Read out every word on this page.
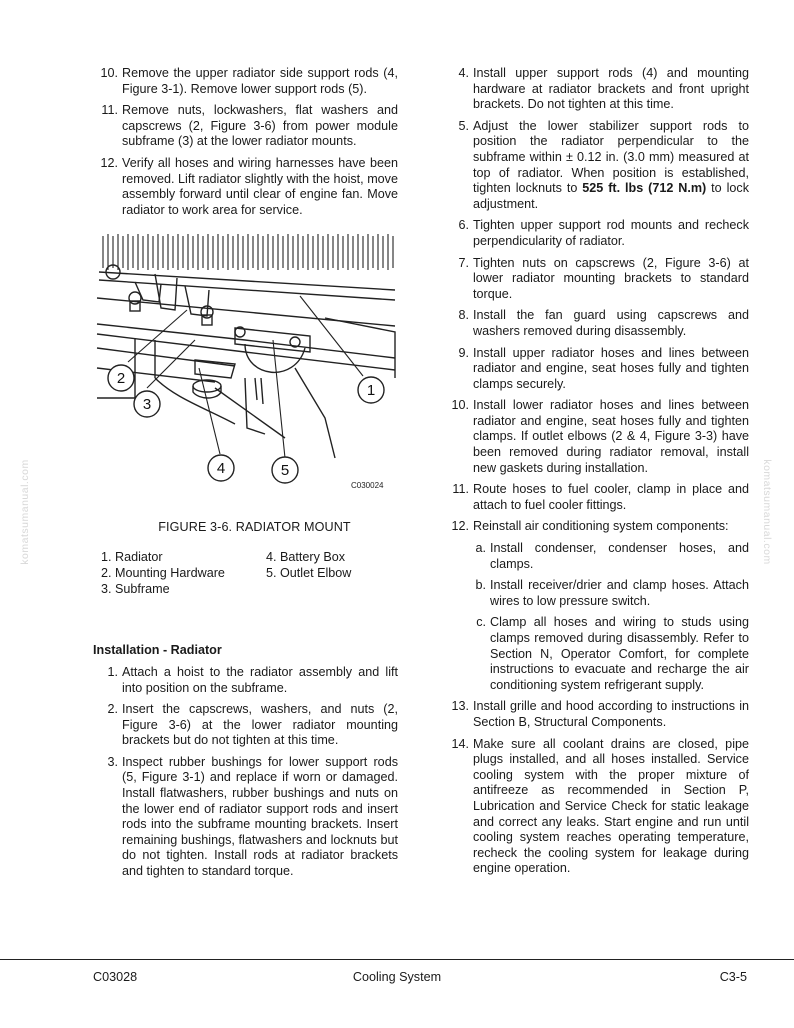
komatsumanual.com	komatsumanual.com
10. Remove the upper radiator side support rods (4, Figure 3-1). Remove lower support rods (5).
11. Remove nuts, lockwashers, flat washers and capscrews (2, Figure 3-6) from power module subframe (3) at the lower radiator mounts.
12. Verify all hoses and wiring harnesses have been removed. Lift radiator slightly with the hoist, move assembly forward until clear of engine fan. Move radiator to work area for service.
1
2
3
4	5
C030024
FIGURE 3-6. RADIATOR MOUNT
1. Radiator	4. Battery Box
2. Mounting Hardware	5. Outlet Elbow
3. Subframe
Installation - Radiator
1. Attach a hoist to the radiator assembly and lift into position on the subframe.
2. Insert the capscrews, washers, and nuts (2, Figure 3-6) at the lower radiator mounting brackets but do not tighten at this time.
3. Inspect rubber bushings for lower support rods (5, Figure 3-1) and replace if worn or damaged. Install flatwashers, rubber bushings and nuts on the lower end of radiator support rods and insert rods into the subframe mounting brackets. Insert remaining bushings, flatwashers and locknuts but do not tighten. Install rods at radiator brackets and tighten to standard torque.
4. Install upper support rods (4) and mounting hardware at radiator brackets and front upright brackets. Do not tighten at this time.
5. Adjust the lower stabilizer support rods to position the radiator perpendicular to the subframe within ± 0.12 in. (3.0 mm) measured at top of radiator. When position is established, tighten locknuts to 525 ft. lbs (712 N.m) to lock adjustment.
6. Tighten upper support rod mounts and recheck perpendicularity of radiator.
7. Tighten nuts on capscrews (2, Figure 3-6) at lower radiator mounting brackets to standard torque.
8. Install the fan guard using capscrews and washers removed during disassembly.
9. Install upper radiator hoses and lines between radiator and engine, seat hoses fully and tighten clamps securely.
10. Install lower radiator hoses and lines between radiator and engine, seat hoses fully and tighten clamps. If outlet elbows (2 & 4, Figure 3-3) have been removed during radiator removal, install new gaskets during installation.
11. Route hoses to fuel cooler, clamp in place and attach to fuel cooler fittings.
12. Reinstall air conditioning system components:
a. Install condenser, condenser hoses, and clamps.
b. Install receiver/drier and clamp hoses. Attach wires to low pressure switch.
c. Clamp all hoses and wiring to studs using clamps removed during disassembly. Refer to Section N, Operator Comfort, for complete instructions to evacuate and recharge the air conditioning system refrigerant supply.
13. Install grille and hood according to instructions in Section B, Structural Components.
14. Make sure all coolant drains are closed, pipe plugs installed, and all hoses installed. Service cooling system with the proper mixture of antifreeze as recommended in Section P, Lubrication and Service Check for static leakage and correct any leaks. Start engine and run until cooling system reaches operating temperature, recheck the cooling system for leakage during engine operation.
C03028	Cooling System	C3-5
